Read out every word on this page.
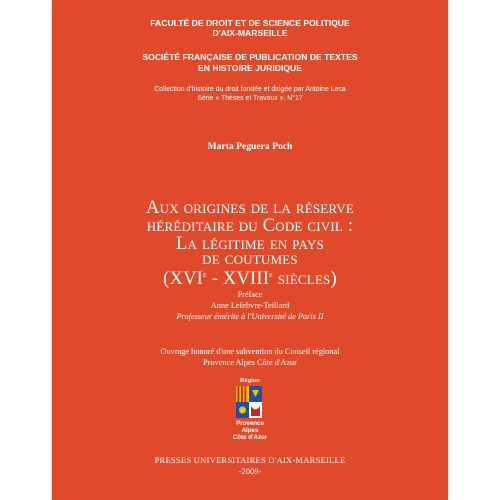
FACULTÉ DE DROIT ET DE SCIENCE POLITIQUE
D'AIX-MARSEILLE
SOCIÉTÉ FRANÇAISE DE PUBLICATION DE TEXTES
EN HISTOIRE JURIDIQUE
Collection d'histoire du droit fondée et dirigée par Antoine Leca
Série « Thèses et Travaux », N°17
Marta Peguera Poch
Aux origines de la réserve
héréditaire du Code civil :
La légitime en pays
de coutumes
(XVIe - XVIIIe siècles)
Préface
Anne Lefebvre-Teillard
Professeur émérite à l'Université de Paris II
Ouvrage honoré d'une subvention du Conseil régional
Provence Alpes Côte d'Azur
Région
Provence
Alpes
Côte d'Azur
PRESSES UNIVERSITAIRES D'AIX-MARSEILLE
-2009-
